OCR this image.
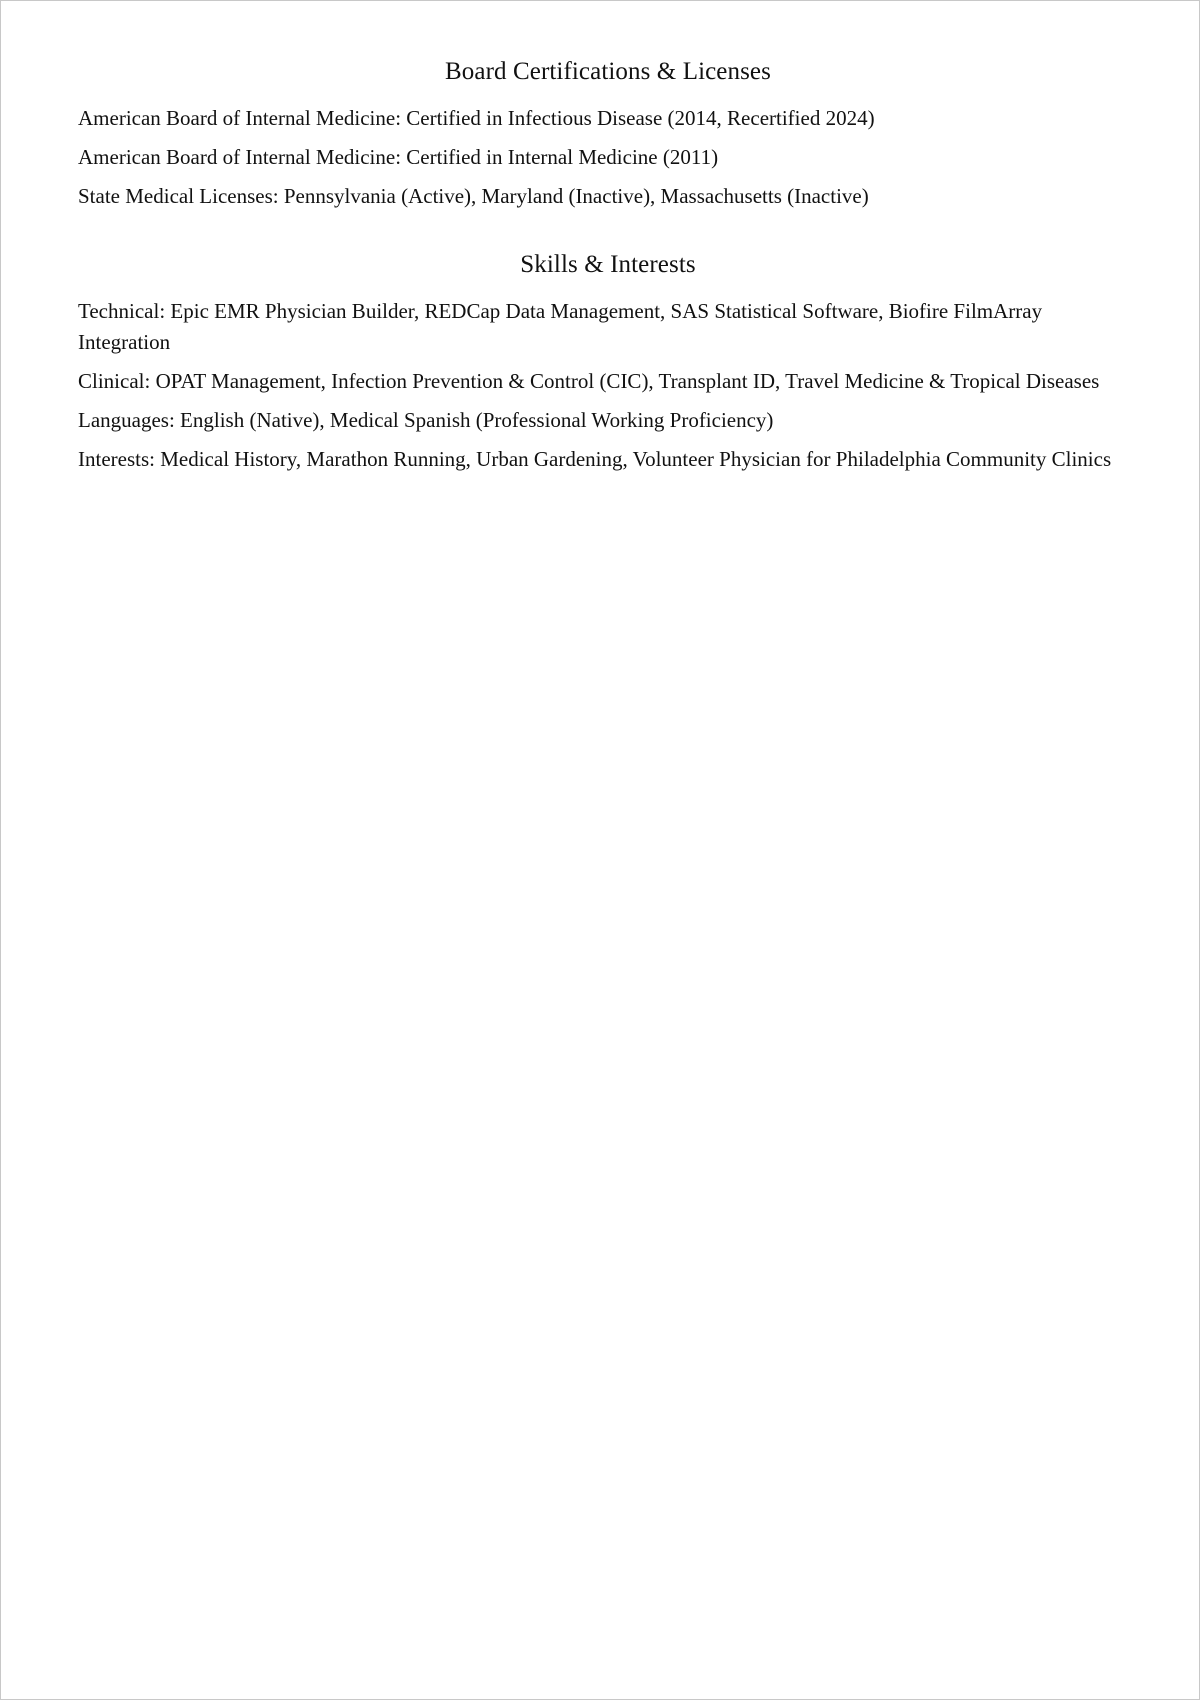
Board Certifications & Licenses

American Board of Internal Medicine: Certified in Infectious Disease (2014, Recertified 2024)

American Board of Internal Medicine: Certified in Internal Medicine (2011)

State Medical Licenses: Pennsylvania (Active), Maryland (Inactive), Massachusetts (Inactive)

Skills & Interests

Technical: Epic EMR Physician Builder, REDCap Data Management, SAS Statistical Software, Biofire FilmArray Integration

Clinical: OPAT Management, Infection Prevention & Control (CIC), Transplant ID, Travel Medicine & Tropical Diseases

Languages: English (Native), Medical Spanish (Professional Working Proficiency)

Interests: Medical History, Marathon Running, Urban Gardening, Volunteer Physician for Philadelphia Community Clinics
